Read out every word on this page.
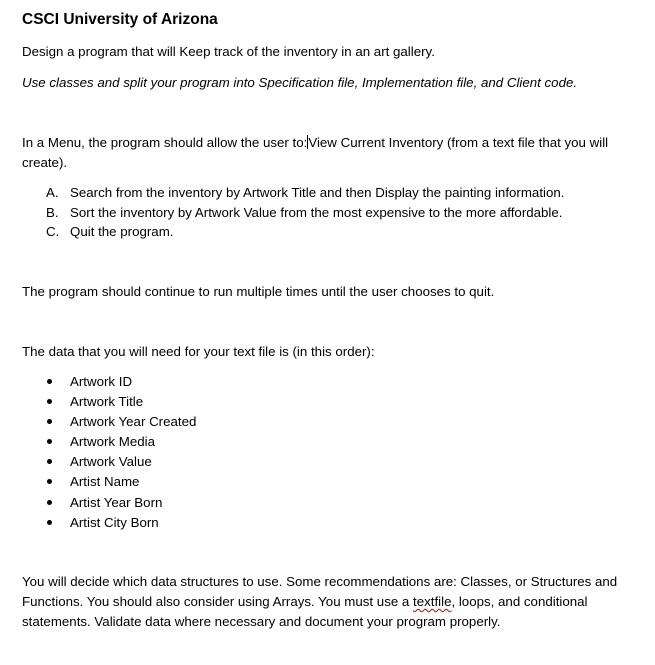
CSCI University of Arizona
Design a program that will Keep track of the inventory in an art gallery.
Use classes and split your program into Specification file, Implementation file, and Client code.
In a Menu, the program should allow the user to:View Current Inventory (from a text file that you will create).
A. Search from the inventory by Artwork Title and then Display the painting information.
B. Sort the inventory by Artwork Value from the most expensive to the more affordable.
C. Quit the program.
The program should continue to run multiple times until the user chooses to quit.
The data that you will need for your text file is (in this order):
Artwork ID
Artwork Title
Artwork Year Created
Artwork Media
Artwork Value
Artist Name
Artist Year Born
Artist City Born
You will decide which data structures to use. Some recommendations are: Classes, or Structures and Functions. You should also consider using Arrays. You must use a textfile, loops, and conditional statements. Validate data where necessary and document your program properly.
